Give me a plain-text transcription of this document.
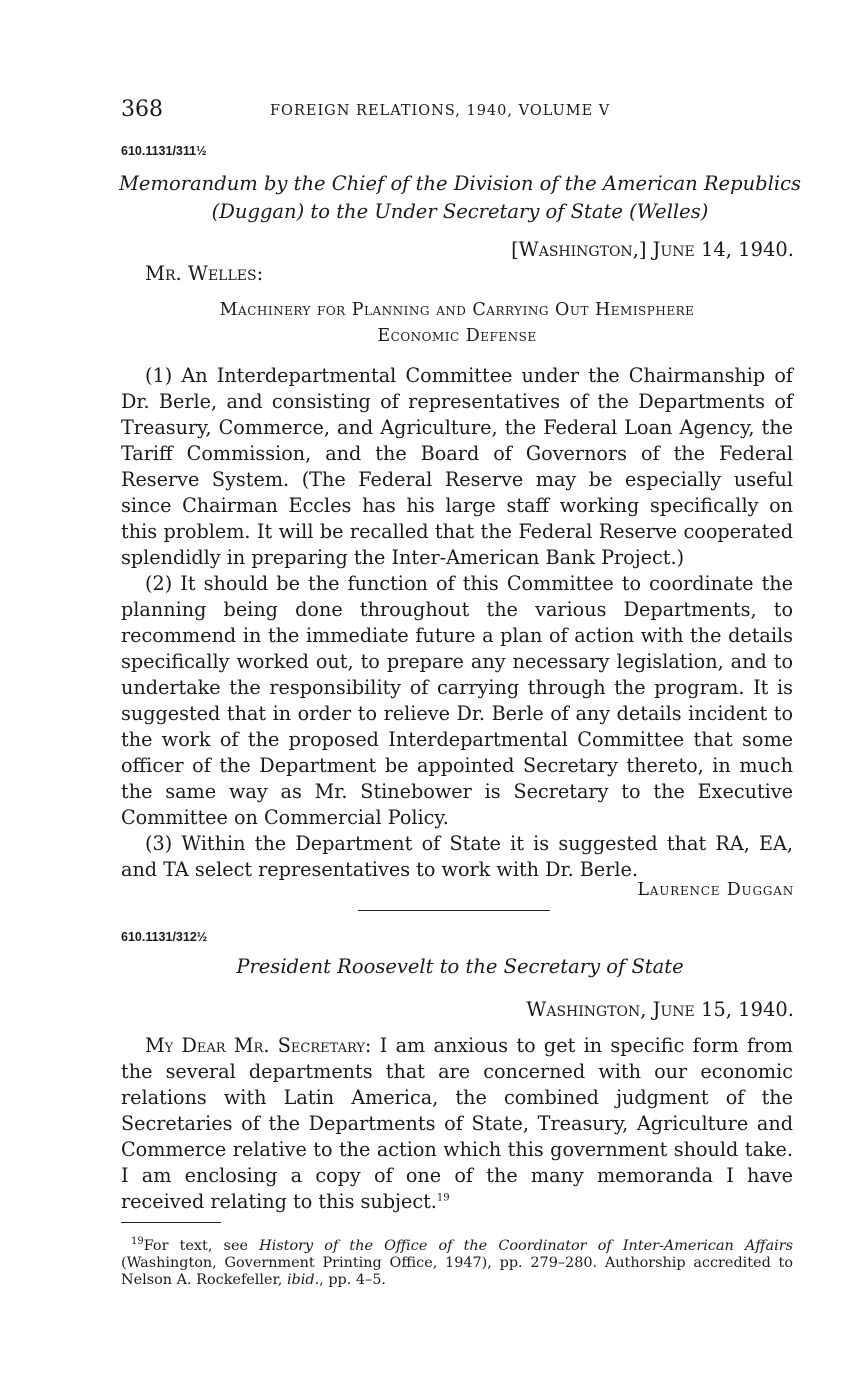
368	FOREIGN RELATIONS, 1940, VOLUME V
610.1131/311½
Memorandum by the Chief of the Division of the American Republics
(Duggan) to the Under Secretary of State (Welles)
[Washington,] June 14, 1940.
Mr. Welles:
Machinery for Planning and Carrying Out Hemisphere
Economic Defense

(1) An Interdepartmental Committee under the Chairmanship of Dr. Berle, and consisting of representatives of the Departments of Treasury, Commerce, and Agriculture, the Federal Loan Agency, the Tariff Commission, and the Board of Governors of the Federal Reserve System. (The Federal Reserve may be especially useful since Chairman Eccles has his large staff working specifically on this problem. It will be recalled that the Federal Reserve cooperated splendidly in preparing the Inter-American Bank Project.)

(2) It should be the function of this Committee to coordinate the planning being done throughout the various Departments, to recommend in the immediate future a plan of action with the details specifically worked out, to prepare any necessary legislation, and to undertake the responsibility of carrying through the program. It is suggested that in order to relieve Dr. Berle of any details incident to the work of the proposed Interdepartmental Committee that some officer of the Department be appointed Secretary thereto, in much the same way as Mr. Stinebower is Secretary to the Executive Committee on Commercial Policy.

(3) Within the Department of State it is suggested that RA, EA, and TA select representatives to work with Dr. Berle.

Laurence Duggan
610.1131/312½
President Roosevelt to the Secretary of State
Washington, June 15, 1940.

My Dear Mr. Secretary: I am anxious to get in specific form from the several departments that are concerned with our economic relations with Latin America, the combined judgment of the Secretaries of the Departments of State, Treasury, Agriculture and Commerce relative to the action which this government should take. I am enclosing a copy of one of the many memoranda I have received relating to this subject.$^{19}$

$^{19}$For text, see History of the Office of the Coordinator of Inter-American Affairs (Washington, Government Printing Office, 1947), pp. 279–280. Authorship accredited to Nelson A. Rockefeller, ibid., pp. 4–5.
